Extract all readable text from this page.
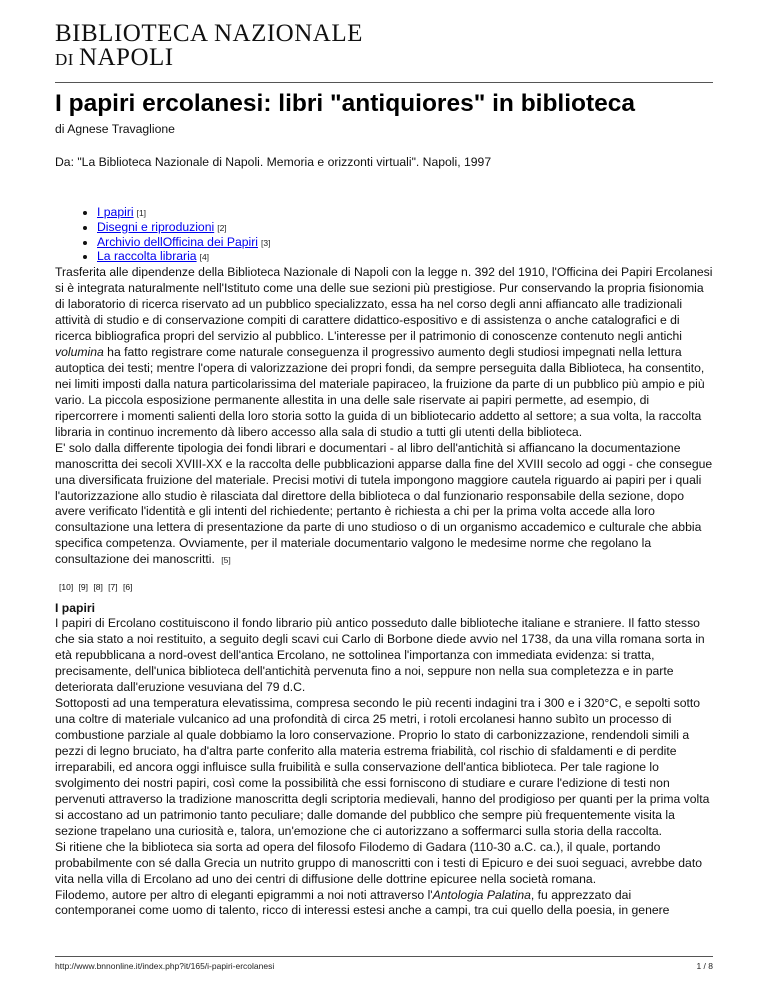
BIBLIOTECA NAZIONALE
DI NAPOLI
I papiri ercolanesi: libri "antiquiores" in biblioteca
di Agnese Travaglione
Da: "La Biblioteca Nazionale di Napoli. Memoria e orizzonti virtuali". Napoli, 1997
• I papiri [1]
• Disegni e riproduzioni [2]
• Archivio dellOfficina dei Papiri [3]
• La raccolta libraria [4]

Trasferita alle dipendenze della Biblioteca Nazionale di Napoli con la legge n. 392 del 1910, l'Officina dei Papiri Ercolanesi si è integrata naturalmente nell'Istituto come una delle sue sezioni più prestigiose. Pur conservando la propria fisionomia di laboratorio di ricerca riservato ad un pubblico specializzato, essa ha nel corso degli anni affiancato alle tradizionali attività di studio e di conservazione compiti di carattere didattico-espositivo e di assistenza o anche catalografici e di ricerca bibliografica propri del servizio al pubblico. L'interesse per il patrimonio di conoscenze contenuto negli antichi volumina ha fatto registrare come naturale conseguenza il progressivo aumento degli studiosi impegnati nella lettura autoptica dei testi; mentre l'opera di valorizzazione dei propri fondi, da sempre perseguita dalla Biblioteca, ha consentito, nei limiti imposti dalla natura particolarissima del materiale papiraceo, la fruizione da parte di un pubblico più ampio e più vario. La piccola esposizione permanente allestita in una delle sale riservate ai papiri permette, ad esempio, di ripercorrere i momenti salienti della loro storia sotto la guida di un bibliotecario addetto al settore; a sua volta, la raccolta libraria in continuo incremento dà libero accesso alla sala di studio a tutti gli utenti della biblioteca.

E' solo dalla differente tipologia dei fondi librari e documentari - al libro dell'antichità si affiancano la documentazione manoscritta dei secoli XVIII-XX e la raccolta delle pubblicazioni apparse dalla fine del XVIII secolo ad oggi - che consegue una diversificata fruizione del materiale. Precisi motivi di tutela impongono maggiore cautela riguardo ai papiri per i quali l'autorizzazione allo studio è rilasciata dal direttore della biblioteca o dal funzionario responsabile della sezione, dopo avere verificato l'identità e gli intenti del richiedente; pertanto è richiesta a chi per la prima volta accede alla loro consultazione una lettera di presentazione da parte di uno studioso o di un organismo accademico e culturale che abbia specifica competenza. Ovviamente, per il materiale documentario valgono le medesime norme che regolano la consultazione dei manoscritti. [5]

[10] [9] [8] [7] [6]
I papiri

I papiri di Ercolano costituiscono il fondo librario più antico posseduto dalle biblioteche italiane e straniere. Il fatto stesso che sia stato a noi restituito, a seguito degli scavi cui Carlo di Borbone diede avvio nel 1738, da una villa romana sorta in età repubblicana a nord-ovest dell'antica Ercolano, ne sottolinea l'importanza con immediata evidenza: si tratta, precisamente, dell'unica biblioteca dell'antichità pervenuta fino a noi, seppure non nella sua completezza e in parte deteriorata dall'eruzione vesuviana del 79 d.C.

Sottoposti ad una temperatura elevatissima, compresa secondo le più recenti indagini tra i 300 e i 320°C, e sepolti sotto una coltre di materiale vulcanico ad una profondità di circa 25 metri, i rotoli ercolanesi hanno subìto un processo di combustione parziale al quale dobbiamo la loro conservazione. Proprio lo stato di carbonizzazione, rendendoli simili a pezzi di legno bruciato, ha d'altra parte conferito alla materia estrema friabilità, col rischio di sfaldamenti e di perdite irreparabili, ed ancora oggi influisce sulla fruibilità e sulla conservazione dell'antica biblioteca. Per tale ragione lo svolgimento dei nostri papiri, così come la possibilità che essi forniscono di studiare e curare l'edizione di testi non pervenuti attraverso la tradizione manoscritta degli scriptoria medievali, hanno del prodigioso per quanti per la prima volta si accostano ad un patrimonio tanto peculiare; dalle domande del pubblico che sempre più frequentemente visita la sezione trapelano una curiosità e, talora, un'emozione che ci autorizzano a soffermarci sulla storia della raccolta.

Si ritiene che la biblioteca sia sorta ad opera del filosofo Filodemo di Gadara (110-30 a.C. ca.), il quale, portando probabilmente con sé dalla Grecia un nutrito gruppo di manoscritti con i testi di Epicuro e dei suoi seguaci, avrebbe dato vita nella villa di Ercolano ad uno dei centri di diffusione delle dottrine epicuree nella società romana.

Filodemo, autore per altro di eleganti epigrammi a noi noti attraverso l'Antologia Palatina, fu apprezzato dai contemporanei come uomo di talento, ricco di interessi estesi anche a campi, tra cui quello della poesia, in genere

http://www.bnnonline.it/index.php?it/165/i-papiri-ercolanesi	1 / 8
